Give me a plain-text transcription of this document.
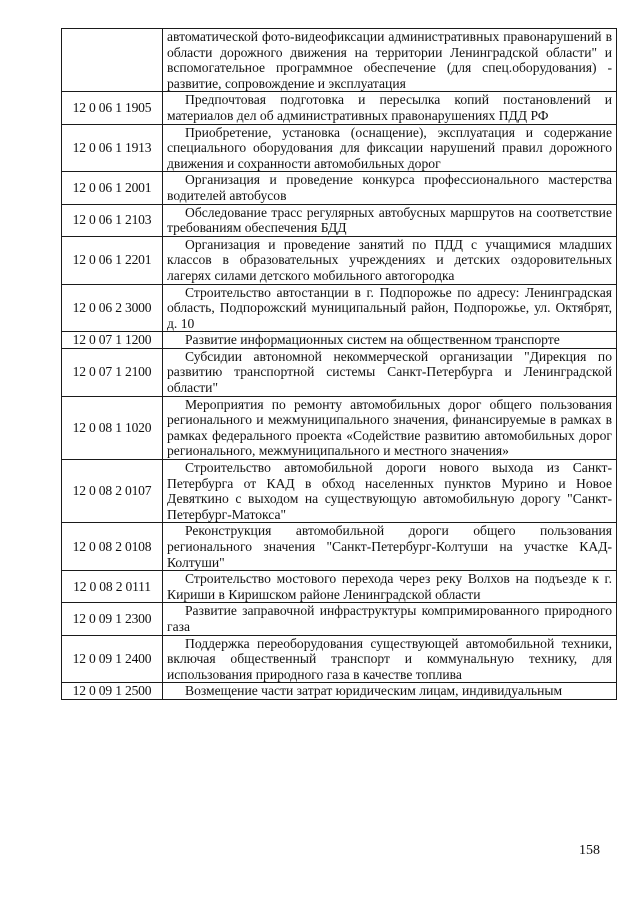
	автоматической фото-видеофиксации административных правонарушений в области дорожного движения на территории Ленинградской области" и вспомогательное программное обеспечение (для спец.оборудования) - развитие, сопровождение и эксплуатация
12 0 06 1 1905	Предпочтовая подготовка и пересылка копий постановлений и материалов дел об административных правонарушениях ПДД РФ
12 0 06 1 1913	Приобретение, установка (оснащение), эксплуатация и содержание специального оборудования для фиксации нарушений правил дорожного движения и сохранности автомобильных дорог
12 0 06 1 2001	Организация и проведение конкурса профессионального мастерства водителей автобусов
12 0 06 1 2103	Обследование трасс регулярных автобусных маршрутов на соответствие требованиям обеспечения БДД
12 0 06 1 2201	Организация и проведение занятий по ПДД с учащимися младших классов в образовательных учреждениях и детских оздоровительных лагерях силами детского мобильного автогородка
12 0 06 2 3000	Строительство автостанции в г. Подпорожье по адресу: Ленинградская область, Подпорожский муниципальный район, Подпорожье, ул. Октябрят, д. 10
12 0 07 1 1200	Развитие информационных систем на общественном транспорте
12 0 07 1 2100	Субсидии автономной некоммерческой организации "Дирекция по развитию транспортной системы Санкт-Петербурга и Ленинградской области"
12 0 08 1 1020	Мероприятия по ремонту автомобильных дорог общего пользования регионального и межмуниципального значения, финансируемые в рамках в рамках федерального проекта «Содействие развитию автомобильных дорог регионального, межмуниципального и местного значения»
12 0 08 2 0107	Строительство автомобильной дороги нового выхода из Санкт-Петербурга от КАД в обход населенных пунктов Мурино и Новое Девяткино с выходом на существующую автомобильную дорогу "Санкт-Петербург-Матокса"
12 0 08 2 0108	Реконструкция автомобильной дороги общего пользования регионального значения "Санкт-Петербург-Колтуши на участке КАД-Колтуши"
12 0 08 2 0111	Строительство мостового перехода через реку Волхов на подъезде к г. Кириши в Киришском районе Ленинградской области
12 0 09 1 2300	Развитие заправочной инфраструктуры компримированного природного газа
12 0 09 1 2400	Поддержка переоборудования существующей автомобильной техники, включая общественный транспорт и коммунальную технику, для использования природного газа в качестве топлива
12 0 09 1 2500	Возмещение части затрат юридическим лицам, индивидуальным
158
